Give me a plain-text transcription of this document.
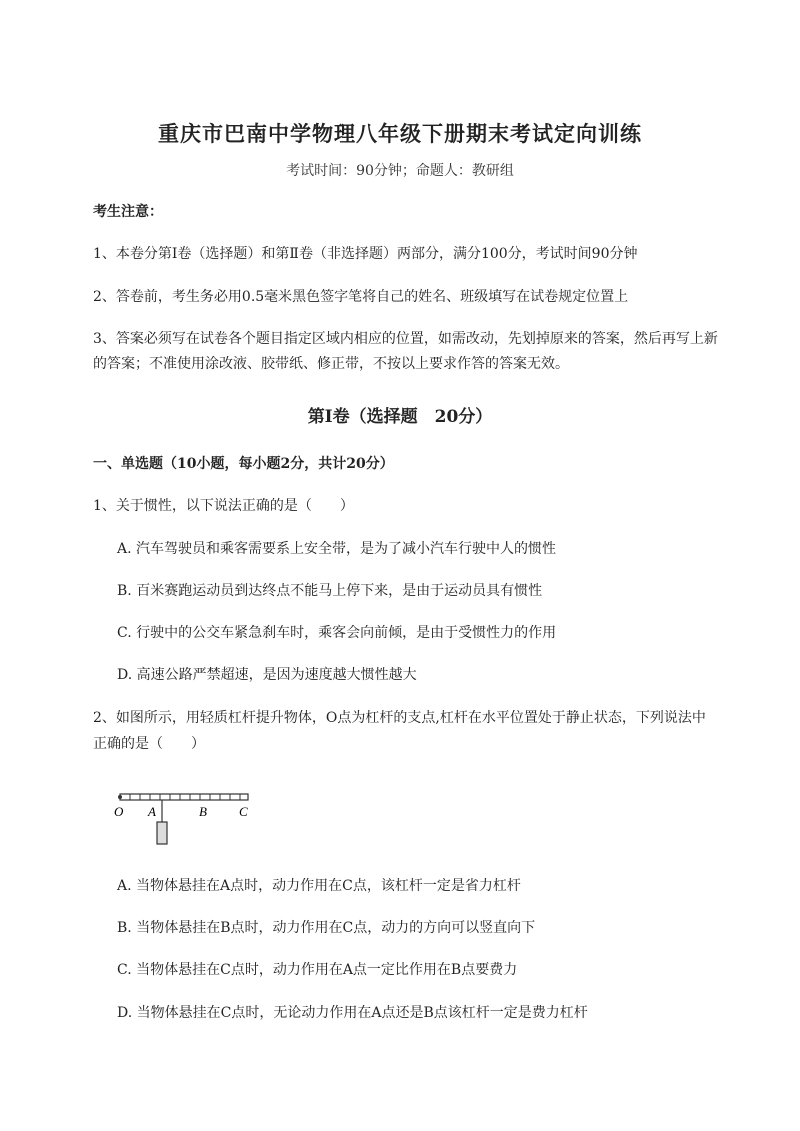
重庆市巴南中学物理八年级下册期末考试定向训练
考试时间：90分钟；命题人：教研组
考生注意：
1、本卷分第I卷（选择题）和第Ⅱ卷（非选择题）两部分，满分100分，考试时间90分钟
2、答卷前，考生务必用0.5毫米黑色签字笔将自己的姓名、班级填写在试卷规定位置上
3、答案必须写在试卷各个题目指定区域内相应的位置，如需改动，先划掉原来的答案，然后再写上新
的答案；不准使用涂改液、胶带纸、修正带，不按以上要求作答的答案无效。
第I卷（选择题　20分）
一、单选题（10小题，每小题2分，共计20分）
1、关于惯性，以下说法正确的是（　　）
A. 汽车驾驶员和乘客需要系上安全带，是为了减小汽车行驶中人的惯性
B. 百米赛跑运动员到达终点不能马上停下来，是由于运动员具有惯性
C. 行驶中的公交车紧急刹车时，乘客会向前倾，是由于受惯性力的作用
D. 高速公路严禁超速，是因为速度越大惯性越大
2、如图所示，用轻质杠杆提升物体，O点为杠杆的支点,杠杆在水平位置处于静止状态，下列说法中
正确的是（　　）
O A	B C
A. 当物体悬挂在A点时，动力作用在C点，该杠杆一定是省力杠杆
B. 当物体悬挂在B点时，动力作用在C点，动力的方向可以竖直向下
C. 当物体悬挂在C点时，动力作用在A点一定比作用在B点要费力
D. 当物体悬挂在C点时，无论动力作用在A点还是B点该杠杆一定是费力杠杆
